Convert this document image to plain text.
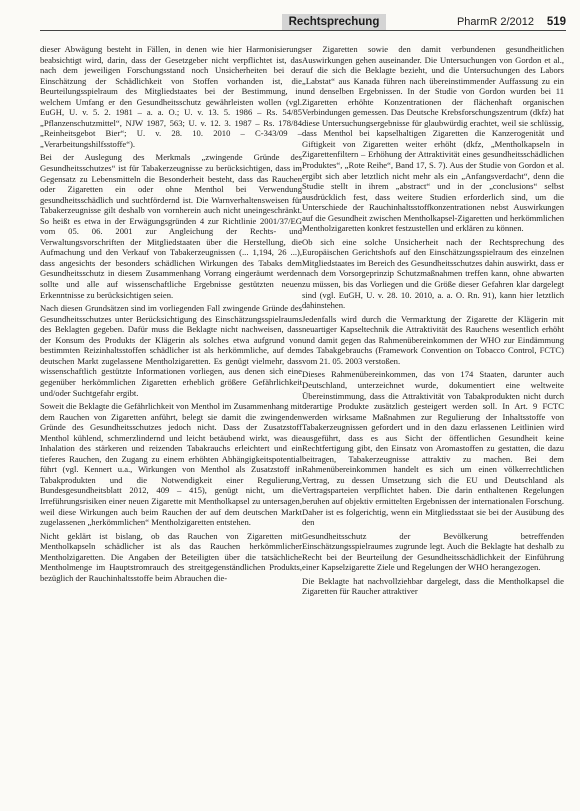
Rechtsprechung	PharmR 2/2012 519

dieser Abwägung besteht in Fällen, in denen wie hier Harmonisierung beabsichtigt wird, darin, dass der Gesetzgeber nicht verpflichtet ist, das nach dem jeweiligen Forschungsstand noch Unsicherheiten bei der Einschätzung der Schädlichkeit von Stoffen vorhanden ist, die Beurteilungsspielraum des Mitgliedstaates bei der Bestimmung, in welchem Umfang er den Gesundheitsschutz gewährleisten wollen (vgl. EuGH, U. v. 5. 2. 1981 – a. a. O.; U. v. 13. 5. 1986 – Rs. 54/85 „Pflanzenschutzmittel“, NJW 1987, 563; U. v. 12. 3. 1987 – Rs. 178/84 „Reinheitsgebot Bier“; U. v. 28. 10. 2010 – C-343/09 – „Verarbeitungshilfsstoffe“).

Bei der Auslegung des Merkmals „zwingende Gründe des Gesundheitsschutzes“ ist für Tabakerzeugnisse zu berücksichtigen, dass im Gegensatz zu Lebensmitteln die Besonderheit besteht, dass das Rauchen oder Zigaretten ein oder ohne Menthol bei Verwendung gesundheitsschädlich und suchtfördernd ist. Die Warnverhaltensweisen für Tabakerzeugnisse gilt deshalb von vornherein auch nicht uneingeschränkt. So heißt es etwa in der Erwägungsgründen 4 zur Richtlinie 2001/37/EG vom 05. 06. 2001 zur Angleichung der Rechts- und Verwaltungsvorschriften der Mitgliedstaaten über die Herstellung, die Aufmachung und den Verkauf von Tabakerzeugnissen (... 1,194, 26 ...), dass angesichts der besonders schädlichen Wirkungen des Tabaks dem Gesundheitsschutz in diesem Zusammenhang Vorrang eingeräumt werden sollte und alle auf wissenschaftliche Ergebnisse gestützten neuen Erkenntnisse zu berücksichtigen seien.

Nach diesen Grundsätzen sind im vorliegenden Fall zwingende Gründe des Gesundheitsschutzes unter Berücksichtigung des Einschätzungsspielraums des Beklagten gegeben. Dafür muss die Beklagte nicht nachweisen, dass der Konsum des Produkts der Klägerin als solches etwa aufgrund von bestimmten Reizinhaltsstoffen schädlicher ist als herkömmliche, auf dem deutschen Markt zugelassene Mentholzigaretten. Es genügt vielmehr, dass wissenschaftlich gestützte Informationen vorliegen, aus denen sich eine gegenüber herkömmlichen Zigaretten erheblich größere Gefährlichkeit und/oder Suchtgefahr ergibt.

Soweit die Beklagte die Gefährlichkeit von Menthol im Zusammenhang mit dem Rauchen von Zigaretten anführt, belegt sie damit die zwingenden Gründe des Gesundheitsschutzes jedoch nicht. Dass der Zusatzstoff Menthol kühlend, schmerzlindernd und leicht betäubend wirkt, was die Inhalation des stärkeren und reizenden Tabakrauchs erleichtert und ein tieferes Rauchen, den Zugang zu einem erhöhten Abhängigkeitspotential führt (vgl. Kennert u.a., Wirkungen von Menthol als Zusatzstoff in Tabakprodukten und die Notwendigkeit einer Regulierung, Bundesgesundheitsblatt 2012, 409 – 415), genügt nicht, um die Irreführungsrisiken einer neuen Zigarette mit Mentholkapsel zu untersagen, weil diese Wirkungen auch beim Rauchen der auf dem deutschen Markt zugelassenen „herkömmlichen“ Mentholzigaretten entstehen.

Nicht geklärt ist bislang, ob das Rauchen von Zigaretten mit Mentholkapseln schädlicher ist als das Rauchen herkömmlicher Mentholzigaretten. Die Angaben der Beteiligten über die tatsächliche Mentholmenge im Hauptstromrauch des streitgegenständlichen Produkts, bezüglich der Rauchinhaltsstoffe beim Abrauchen die-

ser Zigaretten sowie den damit verbundenen gesundheitlichen Auswirkungen gehen auseinander. Die Untersuchungen von Gordon et al., auf die sich die Beklagte bezieht, und die Untersuchungen des Labors „Labstat“ aus Kanada führen nach übereinstimmender Auffassung zu ein und denselben Ergebnissen. In der Studie von Gordon wurden bei 11 Zigaretten erhöhte Konzentrationen der flächenhaft organischen Verbindungen gemessen. Das Deutsche Krebsforschungszentrum (dkfz) hat diese Untersuchungsergebnisse für glaubwürdig erachtet, weil sie schlüssig, dass Menthol bei kapselhaltigen Zigaretten die Kanzerogenität und Giftigkeit von Zigaretten weiter erhöht (dkfz, „Mentholkapseln in Zigarettenfiltern – Erhöhung der Attraktivität eines gesundheitsschädlichen Produktes“, „Rote Reihe“, Band 17, S. 7). Aus der Studie von Gordon et al. ergibt sich aber letztlich nicht mehr als ein „Anfangsverdacht“, denn die Studie stellt in ihrem „abstract“ und in der „conclusions“ selbst ausdrücklich fest, dass weitere Studien erforderlich sind, um die Unterschiede der Rauchinhaltsstoffkonzentrationen nebst Auswirkungen auf die Gesundheit zwischen Mentholkapsel-Zigaretten und herkömmlichen Mentholzigaretten konkret festzustellen und erklären zu können.

Ob sich eine solche Unsicherheit nach der Rechtsprechung des Europäischen Gerichtshofs auf den Einschätzungsspielraum des einzelnen Mitgliedstaates im Bereich des Gesundheitsschutzes dahin auswirkt, dass er nach dem Vorsorgeprinzip Schutzmaßnahmen treffen kann, ohne abwarten zu müssen, bis das Vorliegen und die Größe dieser Gefahren klar dargelegt sind (vgl. EuGH, U. v. 28. 10. 2010, a. a. O. Rn. 91), kann hier letztlich dahinstehen.

Jedenfalls wird durch die Vermarktung der Zigarette der Klägerin mit neuartiger Kapseltechnik die Attraktivität des Rauchens wesentlich erhöht und damit gegen das Rahmenübereinkommen der WHO zur Eindämmung des Tabakgebrauchs (Framework Convention on Tobacco Control, FCTC) vom 21. 05. 2003 verstoßen.

Dieses Rahmenübereinkommen, das von 174 Staaten, darunter auch Deutschland, unterzeichnet wurde, dokumentiert eine weltweite Übereinstimmung, dass die Attraktivität von Tabakprodukten nicht durch derartige Produkte zusätzlich gesteigert werden soll. In Art. 9 FCTC werden wirksame Maßnahmen zur Regulierung der Inhaltsstoffe von Tabakerzeugnissen gefordert und in den dazu erlassenen Leitlinien wird ausgeführt, dass es aus Sicht der öffentlichen Gesundheit keine Rechtfertigung gibt, den Einsatz von Aromastoffen zu gestatten, die dazu beitragen, Tabakerzeugnisse attraktiv zu machen. Bei dem Rahmenübereinkommen handelt es sich um einen völkerrechtlichen Vertrag, zu dessen Umsetzung sich die EU und Deutschland als Vertragsparteien verpflichtet haben. Die darin enthaltenen Regelungen beruhen auf objektiv ermittelten Ergebnissen der internationalen Forschung. Daher ist es folgerichtig, wenn ein Mitgliedsstaat sie bei der Ausübung des den

Gesundheitsschutz der Bevölkerung betreffenden Einschätzungsspielraumes zugrunde legt. Auch die Beklagte hat deshalb zu Recht bei der Beurteilung der Gesundheitsschädlichkeit der Einführung einer Kapselzigarette Ziele und Regelungen der WHO herangezogen.

Die Beklagte hat nachvollziehbar dargelegt, dass die Mentholkapsel die Zigaretten für Raucher attraktiver
